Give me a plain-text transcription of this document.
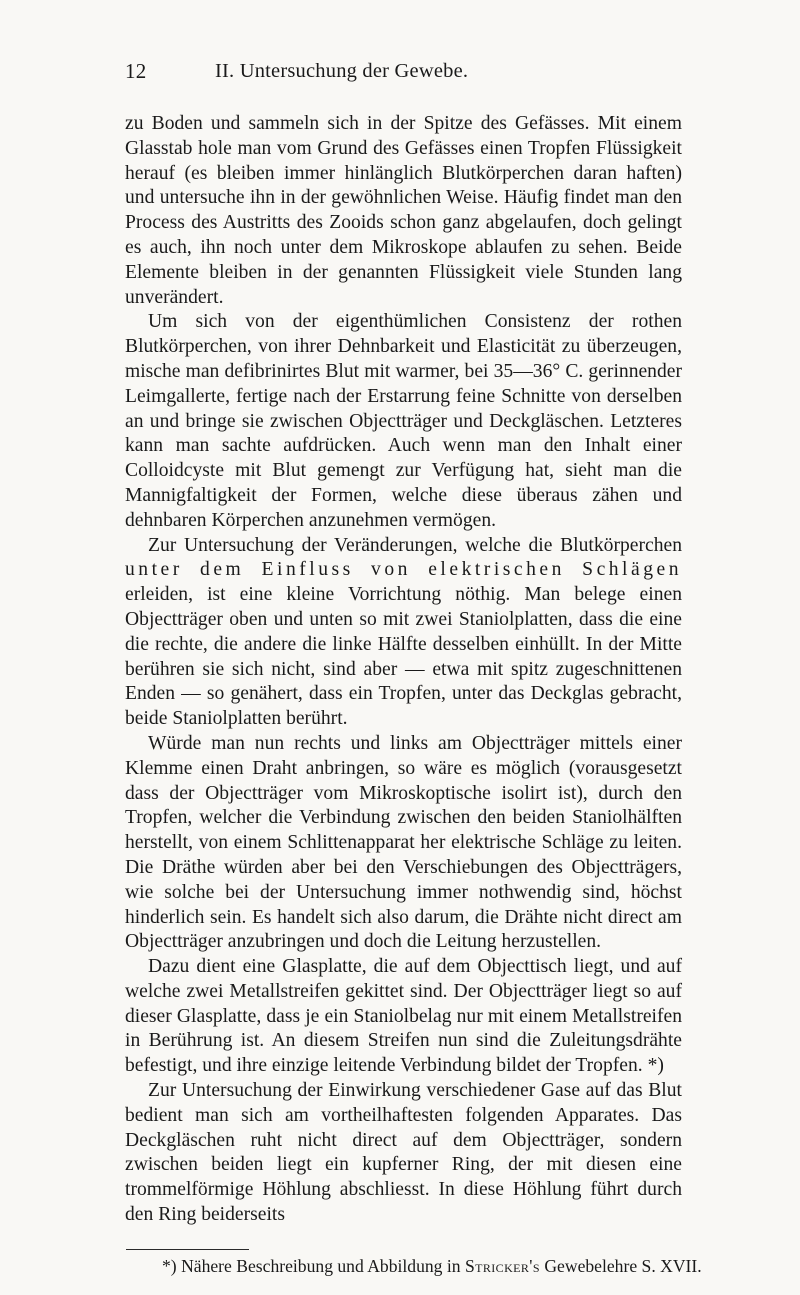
12	II. Untersuchung der Gewebe.

zu Boden und sammeln sich in der Spitze des Gefässes. Mit einem Glasstab hole man vom Grund des Gefässes einen Tropfen Flüssigkeit herauf (es bleiben immer hinlänglich Blutkörperchen daran haften) und untersuche ihn in der gewöhnlichen Weise. Häufig findet man den Process des Austritts des Zooids schon ganz abgelaufen, doch gelingt es auch, ihn noch unter dem Mikroskope ablaufen zu sehen. Beide Elemente bleiben in der genannten Flüssigkeit viele Stunden lang unverändert.

Um sich von der eigenthümlichen Consistenz der rothen Blutkörperchen, von ihrer Dehnbarkeit und Elasticität zu überzeugen, mische man defibrinirtes Blut mit warmer, bei 35—36° C. gerinnender Leimgallerte, fertige nach der Erstarrung feine Schnitte von derselben an und bringe sie zwischen Objectträger und Deckgläschen. Letzteres kann man sachte aufdrücken. Auch wenn man den Inhalt einer Colloidcyste mit Blut gemengt zur Verfügung hat, sieht man die Mannigfaltigkeit der Formen, welche diese überaus zähen und dehnbaren Körperchen anzunehmen vermögen.

Zur Untersuchung der Veränderungen, welche die Blutkörperchen unter dem Einfluss von elektrischen Schlägen erleiden, ist eine kleine Vorrichtung nöthig. Man belege einen Objectträger oben und unten so mit zwei Staniolplatten, dass die eine die rechte, die andere die linke Hälfte desselben einhüllt. In der Mitte berühren sie sich nicht, sind aber — etwa mit spitz zugeschnittenen Enden — so genähert, dass ein Tropfen, unter das Deckglas gebracht, beide Staniolplatten berührt.

Würde man nun rechts und links am Objectträger mittels einer Klemme einen Draht anbringen, so wäre es möglich (vorausgesetzt dass der Objectträger vom Mikroskoptische isolirt ist), durch den Tropfen, welcher die Verbindung zwischen den beiden Staniolhälften herstellt, von einem Schlittenapparat her elektrische Schläge zu leiten. Die Dräthe würden aber bei den Verschiebungen des Objectträgers, wie solche bei der Untersuchung immer nothwendig sind, höchst hinderlich sein. Es handelt sich also darum, die Drähte nicht direct am Objectträger anzubringen und doch die Leitung herzustellen.

Dazu dient eine Glasplatte, die auf dem Objecttisch liegt, und auf welche zwei Metallstreifen gekittet sind. Der Objectträger liegt so auf dieser Glasplatte, dass je ein Staniolbelag nur mit einem Metallstreifen in Berührung ist. An diesem Streifen nun sind die Zuleitungsdrähte befestigt, und ihre einzige leitende Verbindung bildet der Tropfen. *)

Zur Untersuchung der Einwirkung verschiedener Gase auf das Blut bedient man sich am vortheilhaftesten folgenden Apparates. Das Deckgläschen ruht nicht direct auf dem Objectträger, sondern zwischen beiden liegt ein kupferner Ring, der mit diesen eine trommelförmige Höhlung abschliesst. In diese Höhlung führt durch den Ring beiderseits

*) Nähere Beschreibung und Abbildung in Stricker's Gewebelehre S. XVII.
